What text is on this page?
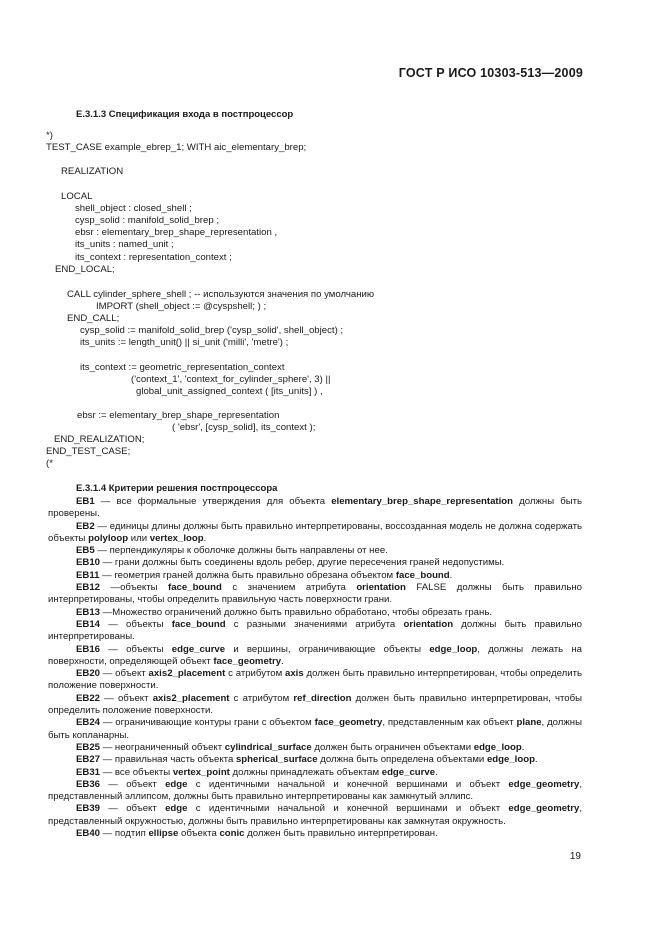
ГОСТ Р ИСО 10303-513—2009
E.3.1.3 Спецификация входа в постпроцессор
*)
TEST_CASE example_ebrep_1; WITH aic_elementary_brep;
REALIZATION
LOCAL
shell_object : closed_shell ;
cysp_solid : manifold_solid_brep ;
ebsr : elementary_brep_shape_representation ,
its_units : named_unit ;
its_context : representation_context ;
END_LOCAL;
CALL cylinder_sphere_shell ; -- используются значения по умолчанию
IMPORT (shell_object := @cyspshell; ) ;
END_CALL;
cysp_solid := manifold_solid_brep ('cysp_solid', shell_object) ;
its_units := length_unit() || si_unit ('milli', 'metre') ;
its_context := geometric_representation_context
('context_1', 'context_for_cylinder_sphere', 3) ||
global_unit_assigned_context ( [its_units] ) ,
ebsr := elementary_brep_shape_representation
( 'ebsr', [cysp_solid], its_context );
END_REALIZATION;
END_TEST_CASE;
(*
E.3.1.4 Критерии решения постпроцессора

EB1 — все формальные утверждения для объекта elementary_brep_shape_representation должны быть проверены.

EB2 — единицы длины должны быть правильно интерпретированы, воссозданная модель не должна содержать объекты polyloop или vertex_loop.

EB5 — перпендикуляры к оболочке должны быть направлены от нее.

EB10 — грани должны быть соединены вдоль ребер, другие пересечения граней недопустимы.

EB11 — геометрия граней должна быть правильно обрезана объектом face_bound.

EB12 —объекты face_bound с значением атрибута orientation FALSE должны быть правильно интерпретированы, чтобы определить правильную часть поверхности грани.

EB13 —Множество ограничений должно быть правильно обработано, чтобы обрезать грань.

EB14 — объекты face_bound с разными значениями атрибута orientation должны быть правильно интерпретированы.

EB16 — объекты edge_curve и вершины, ограничивающие объекты edge_loop, должны лежать на поверхности, определяющей объект face_geometry.

EB20 — объект axis2_placement с атрибутом axis должен быть правильно интерпретирован, чтобы определить положение поверхности.

EB22 — объект axis2_placement с атрибутом ref_direction должен быть правильно интерпретирован, чтобы определить положение поверхности.

EB24 — ограничивающие контуры грани с объектом face_geometry, представленным как объект plane, должны быть копланарны.

EB25 — неограниченный объект cylindrical_surface должен быть ограничен объектами edge_loop.

EB27 — правильная часть объекта spherical_surface должна быть определена объектами edge_loop.

EB31 — все объекты vertex_point должны принадлежать объектам edge_curve.

EB36 — объект edge с идентичными начальной и конечной вершинами и объект edge_geometry, представленный эллипсом, должны быть правильно интерпретированы как замкнутый эллипс.

EB39 — объект edge с идентичными начальной и конечной вершинами и объект edge_geometry, представленный окружностью, должны быть правильно интерпретированы как замкнутая окружность.

EB40 — подтип ellipse объекта conic должен быть правильно интерпретирован.

19
